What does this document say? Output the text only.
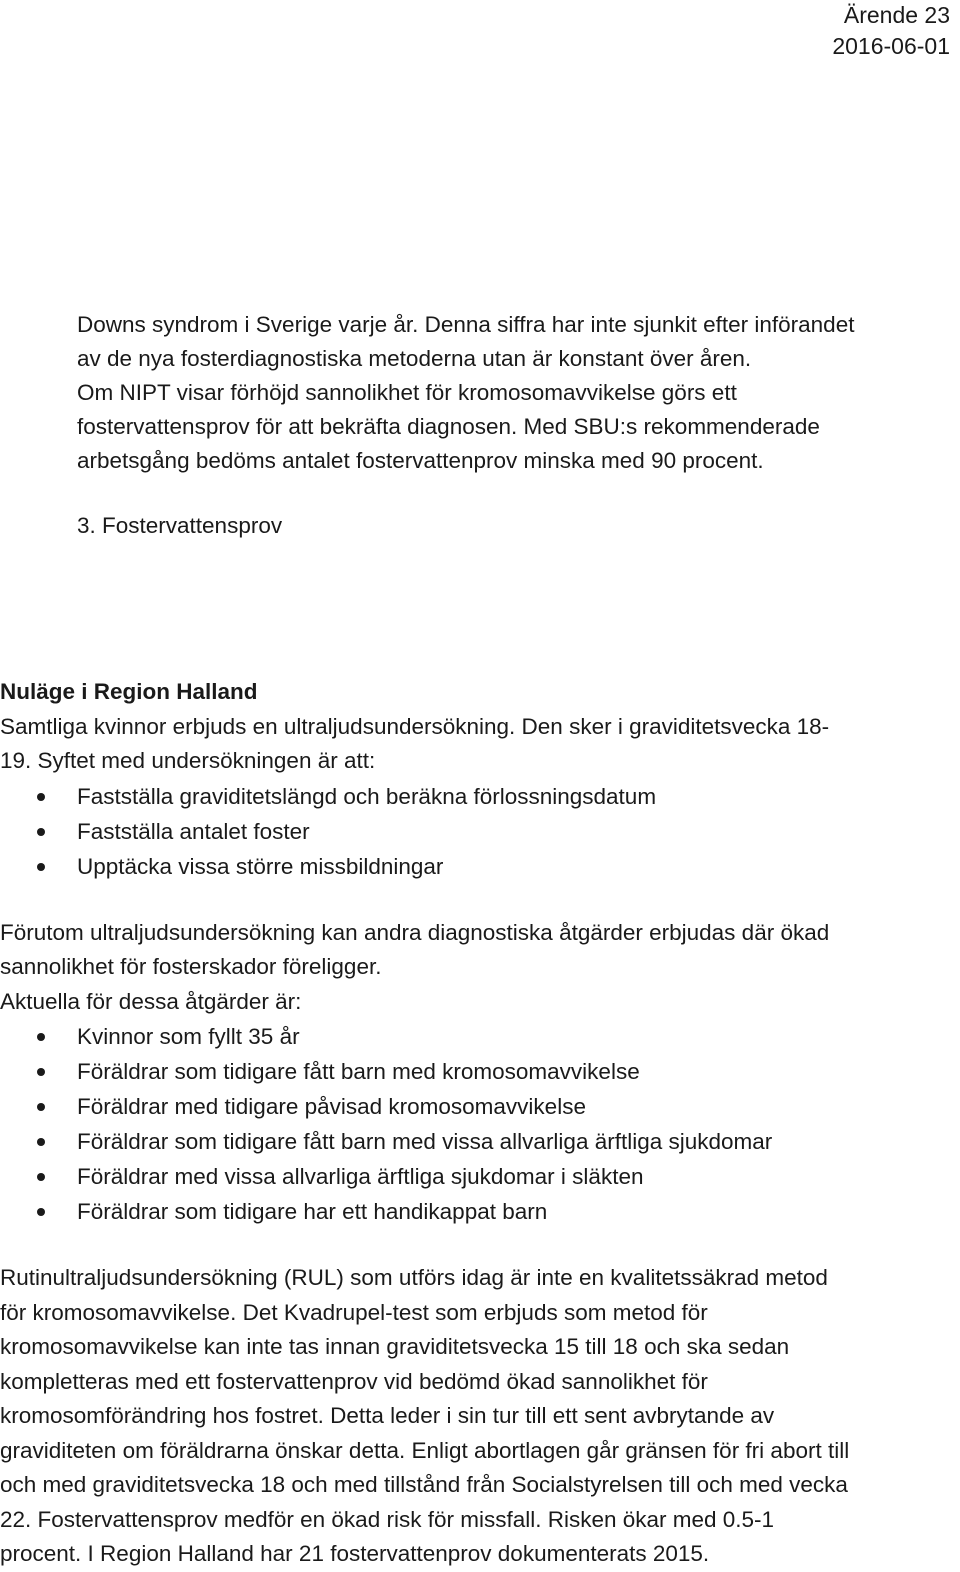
Ärende 23
2016-06-01
Downs syndrom i Sverige varje år. Denna siffra har inte sjunkit efter införandet
av de nya fosterdiagnostiska metoderna utan är konstant över åren.
Om NIPT visar förhöjd sannolikhet för kromosomavvikelse görs ett
fostervattensprov för att bekräfta diagnosen. Med SBU:s rekommenderade
arbetsgång bedöms antalet fostervattenprov minska med 90 procent.
3. Fostervattensprov
Nuläge i Region Halland
Samtliga kvinnor erbjuds en ultraljudsundersökning. Den sker i graviditetsvecka 18-
19. Syftet med undersökningen är att:
Fastställa graviditetslängd och beräkna förlossningsdatum
Fastställa antalet foster
Upptäcka vissa större missbildningar
Förutom ultraljudsundersökning kan andra diagnostiska åtgärder erbjudas där ökad
sannolikhet för fosterskador föreligger.
Aktuella för dessa åtgärder är:
Kvinnor som fyllt 35 år
Föräldrar som tidigare fått barn med kromosomavvikelse
Föräldrar med tidigare påvisad kromosomavvikelse
Föräldrar som tidigare fått barn med vissa allvarliga ärftliga sjukdomar
Föräldrar med vissa allvarliga ärftliga sjukdomar i släkten
Föräldrar som tidigare har ett handikappat barn
Rutinultraljudsundersökning (RUL) som utförs idag är inte en kvalitetssäkrad metod
för kromosomavvikelse. Det Kvadrupel-test som erbjuds som metod för
kromosomavvikelse kan inte tas innan graviditetsvecka 15 till 18 och ska sedan
kompletteras med ett fostervattenprov vid bedömd ökad sannolikhet för
kromosomförändring hos fostret. Detta leder i sin tur till ett sent avbrytande av
graviditeten om föräldrarna önskar detta. Enligt abortlagen går gränsen för fri abort till
och med graviditetsvecka 18 och med tillstånd från Socialstyrelsen till och med vecka
22. Fostervattensprov medför en ökad risk för missfall. Risken ökar med 0.5-1
procent. I Region Halland har 21 fostervattenprov dokumenterats 2015.
